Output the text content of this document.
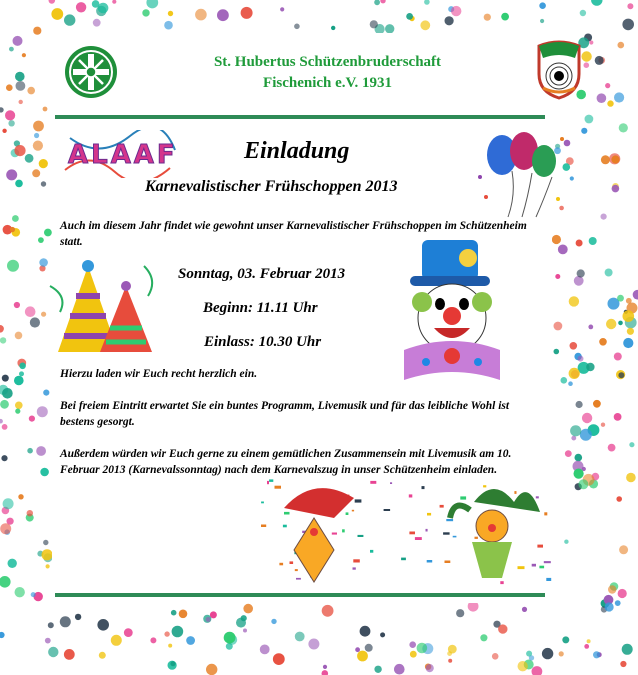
St. Hubertus Schützenbruderschaft
Fischenich e.V. 1931
ALAAF	Einladung
Karnevalistischer Frühschoppen 2013
Auch im diesem Jahr findet wie gewohnt unser Karnevalistischer Frühschoppen im Schützenheim statt.
Sonntag, 03. Februar 2013
Beginn: 11.11 Uhr
Einlass: 10.30 Uhr
Hierzu laden wir Euch recht herzlich ein.
Bei freiem Eintritt erwartet Sie ein buntes Programm, Livemusik und für das leibliche Wohl ist bestens gesorgt.
Außerdem würden wir Euch gerne zu einem gemütlichen Zusammensein mit Livemusik am 10. Februar 2013 (Karnevalssonntag) nach dem Karnevalszug in unser Schützenheim einladen.
